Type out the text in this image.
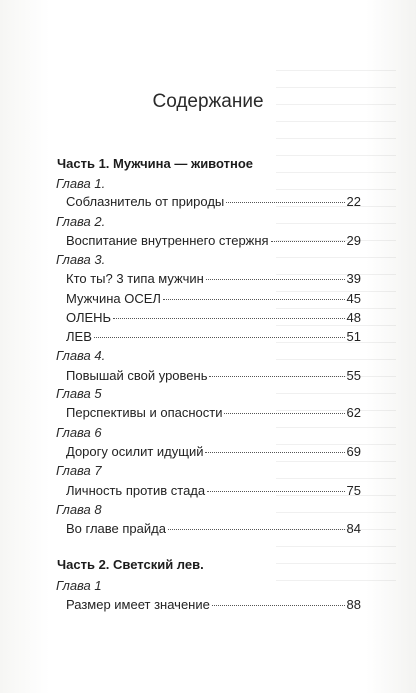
Содержание
Часть 1. Мужчина — животное
Глава 1.
Соблазнитель от природы	22
Глава 2.
Воспитание внутреннего стержня	29
Глава 3.
Кто ты? 3 типа мужчин	39
Мужчина ОСЕЛ	45
ОЛЕНЬ	48
ЛЕВ	51
Глава 4.
Повышай свой уровень	55
Глава 5
Перспективы и опасности	62
Глава 6
Дорогу осилит идущий	69
Глава 7
Личность против стада	75
Глава 8
Во главе прайда	84
Часть 2. Светский лев.
Глава 1
Размер имеет значение	88
